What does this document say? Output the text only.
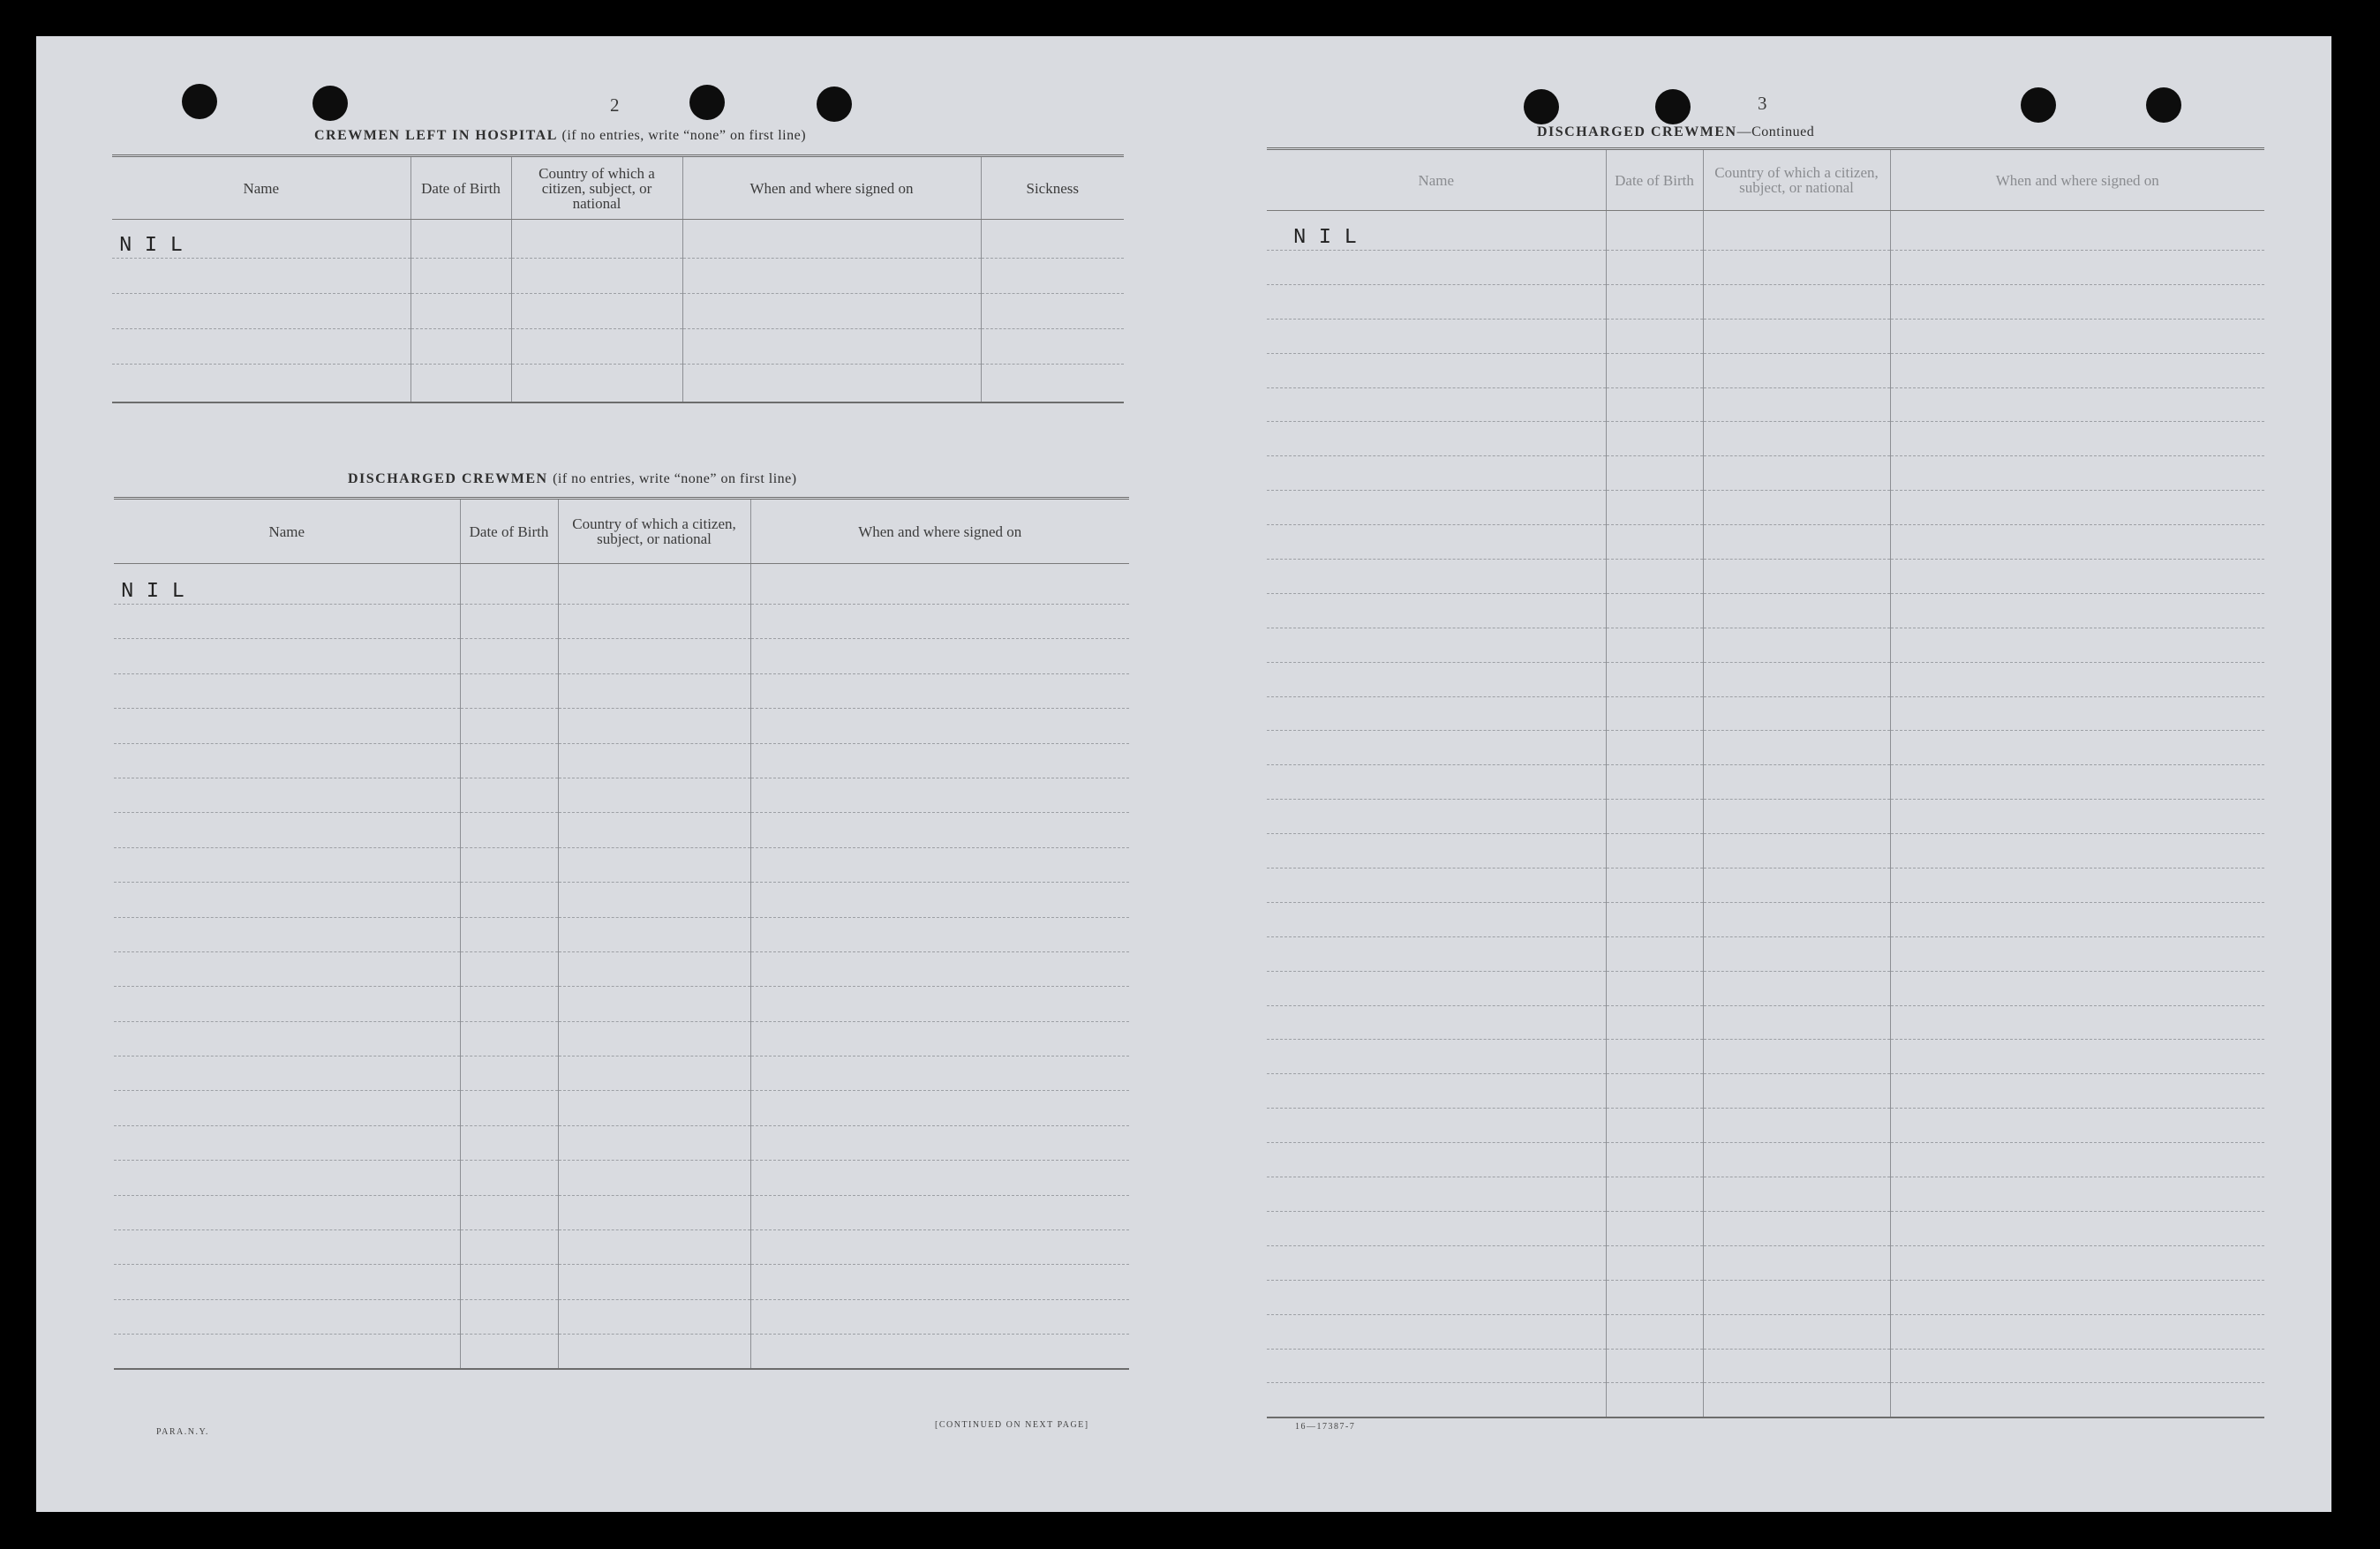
2
CREWMEN LEFT IN HOSPITAL (if no entries, write “none” on first line)
Name	Date of Birth	Country of which a citizen, subject, or national	When and where signed on	Sickness
N I L				

DISCHARGED CREWMEN (if no entries, write “none” on first line)
Name	Date of Birth	Country of which a citizen, subject, or national	When and where signed on
N I L			

PARA.N.Y.
[CONTINUED ON NEXT PAGE]
3
DISCHARGED CREWMEN—Continued
Name	Date of Birth	Country of which a citizen, subject, or national	When and where signed on
N I L			

16—17387-7
